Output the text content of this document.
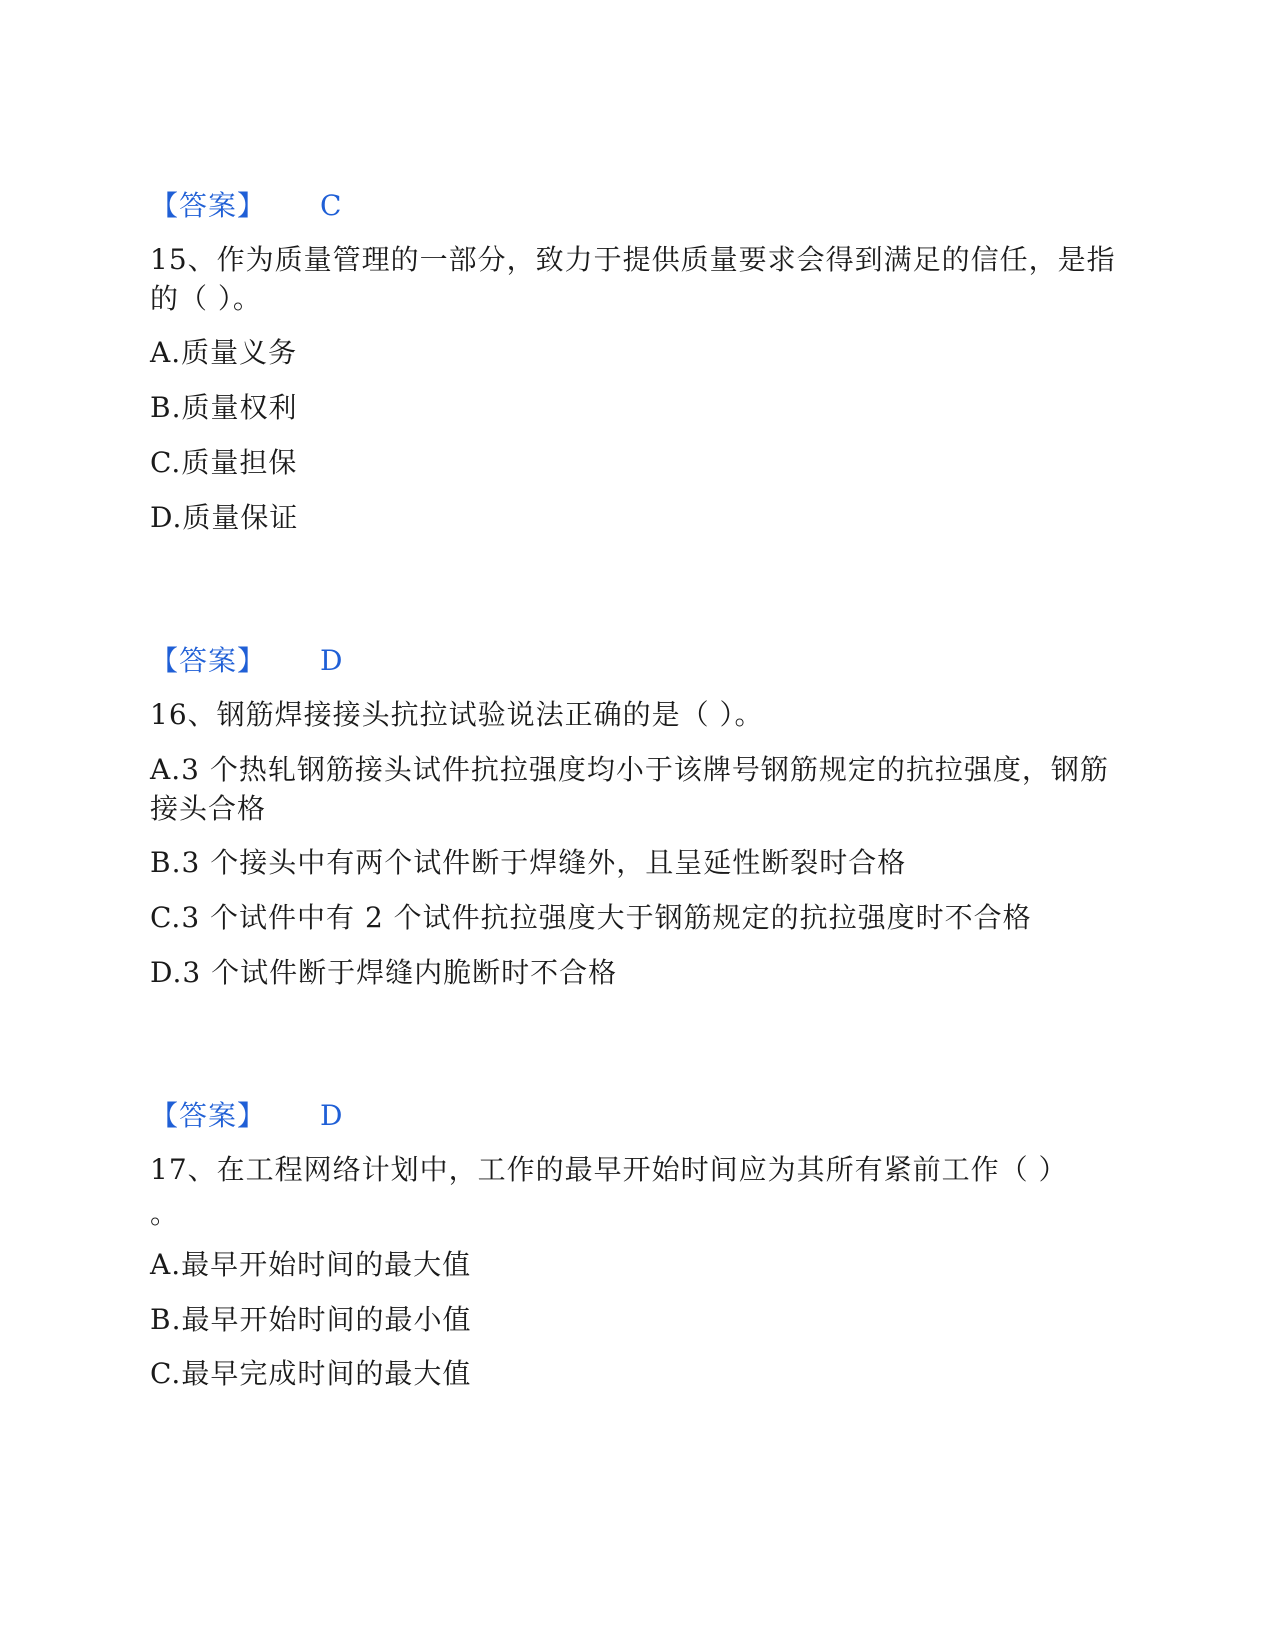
【答案】 C
15、作为质量管理的一部分，致力于提供质量要求会得到满足的信任，是指
的（ ）。
A.质量义务
B.质量权利
C.质量担保
D.质量保证
【答案】 D
16、钢筋焊接接头抗拉试验说法正确的是（ ）。
A.3 个热轧钢筋接头试件抗拉强度均小于该牌号钢筋规定的抗拉强度，钢筋
接头合格
B.3 个接头中有两个试件断于焊缝外，且呈延性断裂时合格
C.3 个试件中有 2 个试件抗拉强度大于钢筋规定的抗拉强度时不合格
D.3 个试件断于焊缝内脆断时不合格
【答案】 D
17、在工程网络计划中，工作的最早开始时间应为其所有紧前工作（ ）
。
A.最早开始时间的最大值
B.最早开始时间的最小值
C.最早完成时间的最大值
